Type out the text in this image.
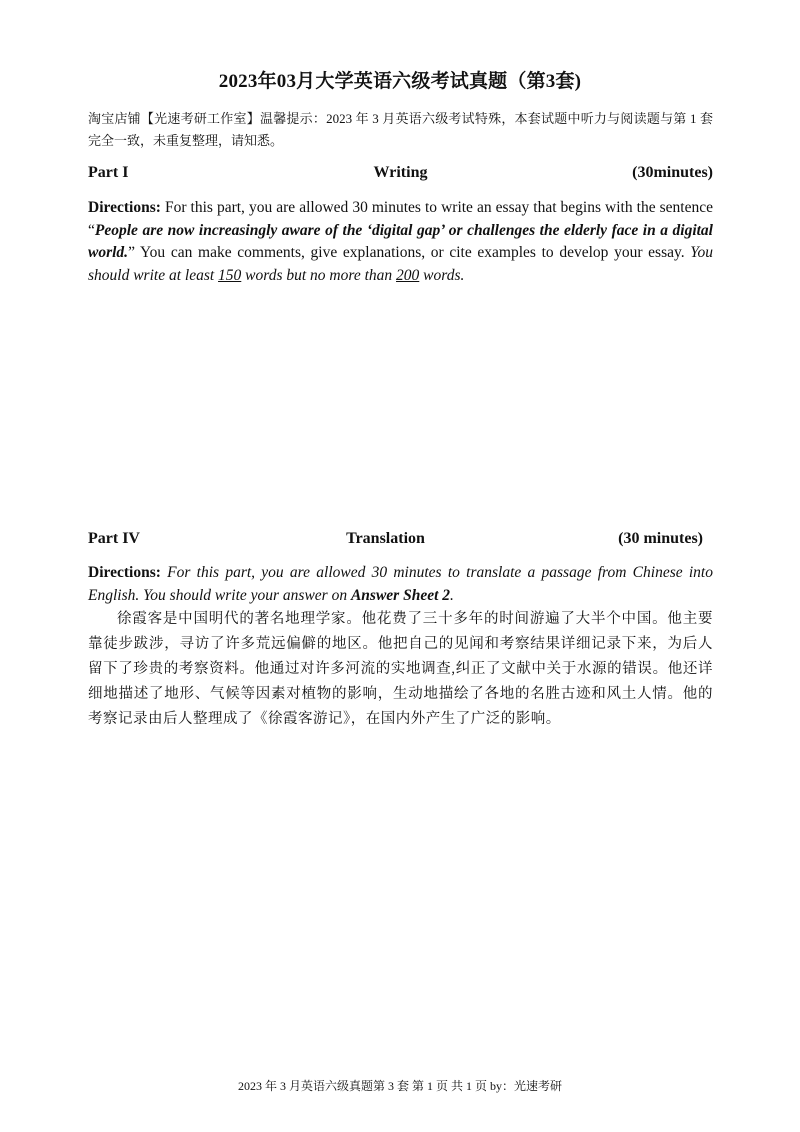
2023年03月大学英语六级考试真题（第3套)
淘宝店铺【光速考研工作室】温馨提示：2023 年 3 月英语六级考试特殊，本套试题中听力与阅读题与第 1 套完全一致，未重复整理，请知悉。
Part I	Writing	(30minutes)
Directions: For this part, you are allowed 30 minutes to write an essay that begins with the sentence “People are now increasingly aware of the ‘digital gap’ or challenges the elderly face in a digital world.” You can make comments, give explanations, or cite examples to develop your essay. You should write at least 150 words but no more than 200 words.
Part IV	Translation	(30 minutes)
Directions: For this part, you are allowed 30 minutes to translate a passage from Chinese into English. You should write your answer on Answer Sheet 2.
徐霞客是中国明代的著名地理学家。他花费了三十多年的时间游遍了大半个中国。他主要靠徒步跋涉，寻访了许多荒远偏僻的地区。他把自己的见闻和考察结果详细记录下来，为后人留下了珍贵的考察资料。他通过对许多河流的实地调查,纠正了文献中关于水源的错误。他还详细地描述了地形、气候等因素对植物的影响，生动地描绘了各地的名胜古迹和风土人情。他的考察记录由后人整理成了《徐霞客游记》，在国内外产生了广泛的影响。
2023 年 3 月英语六级真题第 3 套 第 1 页 共 1 页 by：光速考研
